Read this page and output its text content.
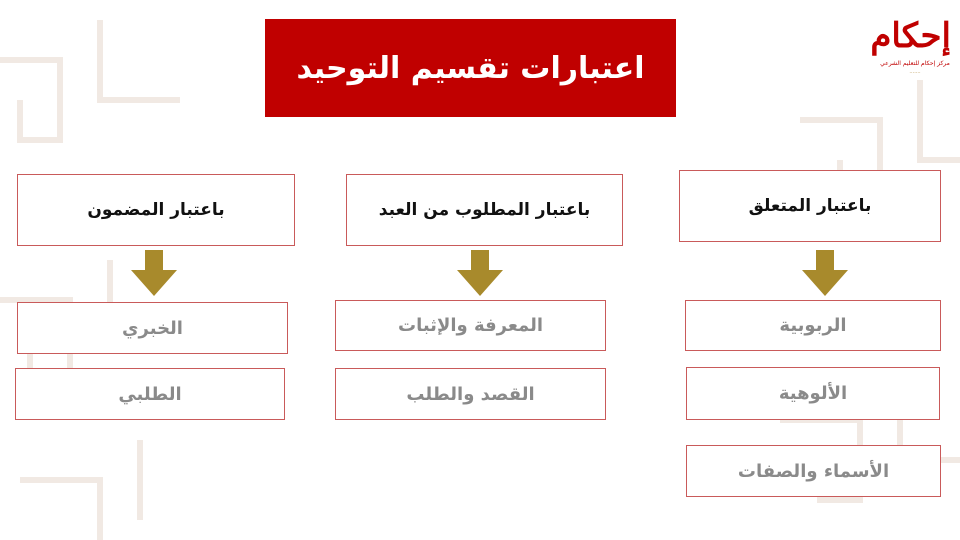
اعتبارات تقسيم التوحيد
إحكام
مركز إحكام للتعليم الشرعي
.......
باعتبار المتعلق
الربوبية
الألوهية
الأسماء والصفات
باعتبار المطلوب من العبد
المعرفة والإثبات
القصد والطلب
باعتبار المضمون
الخبري
الطلبي
